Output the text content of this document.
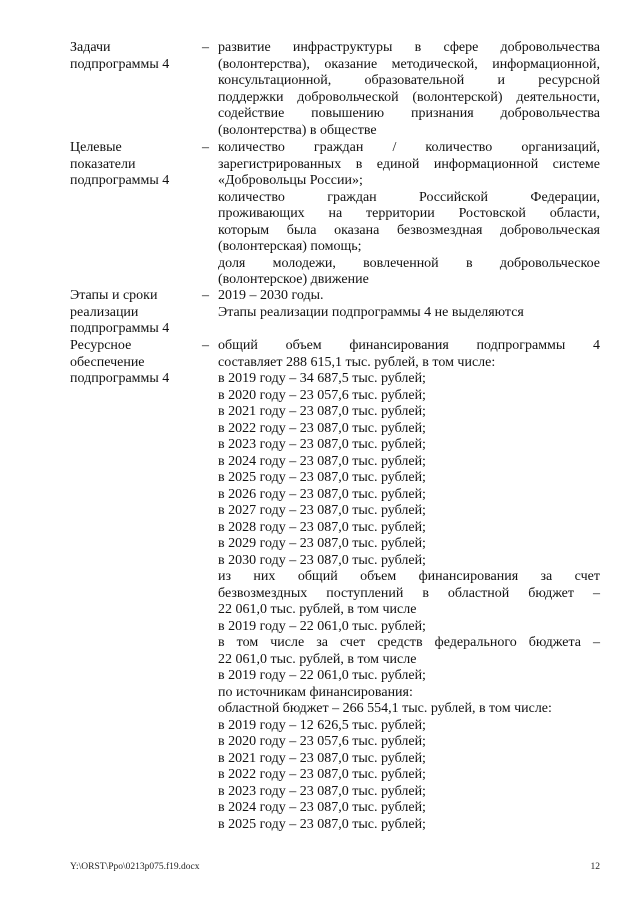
Задачи
подпрограммы 4
– развитие инфраструктуры в сфере добровольчества
(волонтерства), оказание методической, информационной,
консультационной, образовательной и ресурсной
поддержки добровольческой (волонтерской) деятельности,
содействие повышению признания добровольчества
(волонтерства) в обществе
Целевые
показатели
подпрограммы 4
– количество граждан / количество организаций,
зарегистрированных в единой информационной системе
«Добровольцы России»;
количество граждан Российской Федерации,
проживающих на территории Ростовской области,
которым была оказана безвозмездная добровольческая
(волонтерская) помощь;
доля молодежи, вовлеченной в добровольческое
(волонтерское) движение
Этапы и сроки
реализации
подпрограммы 4
– 2019 – 2030 годы.
Этапы реализации подпрограммы 4 не выделяются
Ресурсное
обеспечение
подпрограммы 4
– общий объем финансирования подпрограммы 4
составляет 288 615,1 тыс. рублей, в том числе:
в 2019 году – 34 687,5 тыс. рублей;
в 2020 году – 23 057,6 тыс. рублей;
в 2021 году – 23 087,0 тыс. рублей;
в 2022 году – 23 087,0 тыс. рублей;
в 2023 году – 23 087,0 тыс. рублей;
в 2024 году – 23 087,0 тыс. рублей;
в 2025 году – 23 087,0 тыс. рублей;
в 2026 году – 23 087,0 тыс. рублей;
в 2027 году – 23 087,0 тыс. рублей;
в 2028 году – 23 087,0 тыс. рублей;
в 2029 году – 23 087,0 тыс. рублей;
в 2030 году – 23 087,0 тыс. рублей;
из них общий объем финансирования за счет
безвозмездных поступлений в областной бюджет –
22 061,0 тыс. рублей, в том числе
в 2019 году – 22 061,0 тыс. рублей;
в том числе за счет средств федерального бюджета –
22 061,0 тыс. рублей, в том числе
в 2019 году – 22 061,0 тыс. рублей;
по источникам финансирования:
областной бюджет – 266 554,1 тыс. рублей, в том числе:
в 2019 году – 12 626,5 тыс. рублей;
в 2020 году – 23 057,6 тыс. рублей;
в 2021 году – 23 087,0 тыс. рублей;
в 2022 году – 23 087,0 тыс. рублей;
в 2023 году – 23 087,0 тыс. рублей;
в 2024 году – 23 087,0 тыс. рублей;
в 2025 году – 23 087,0 тыс. рублей;
Y:\ORST\Ppo\0213p075.f19.docx	12
